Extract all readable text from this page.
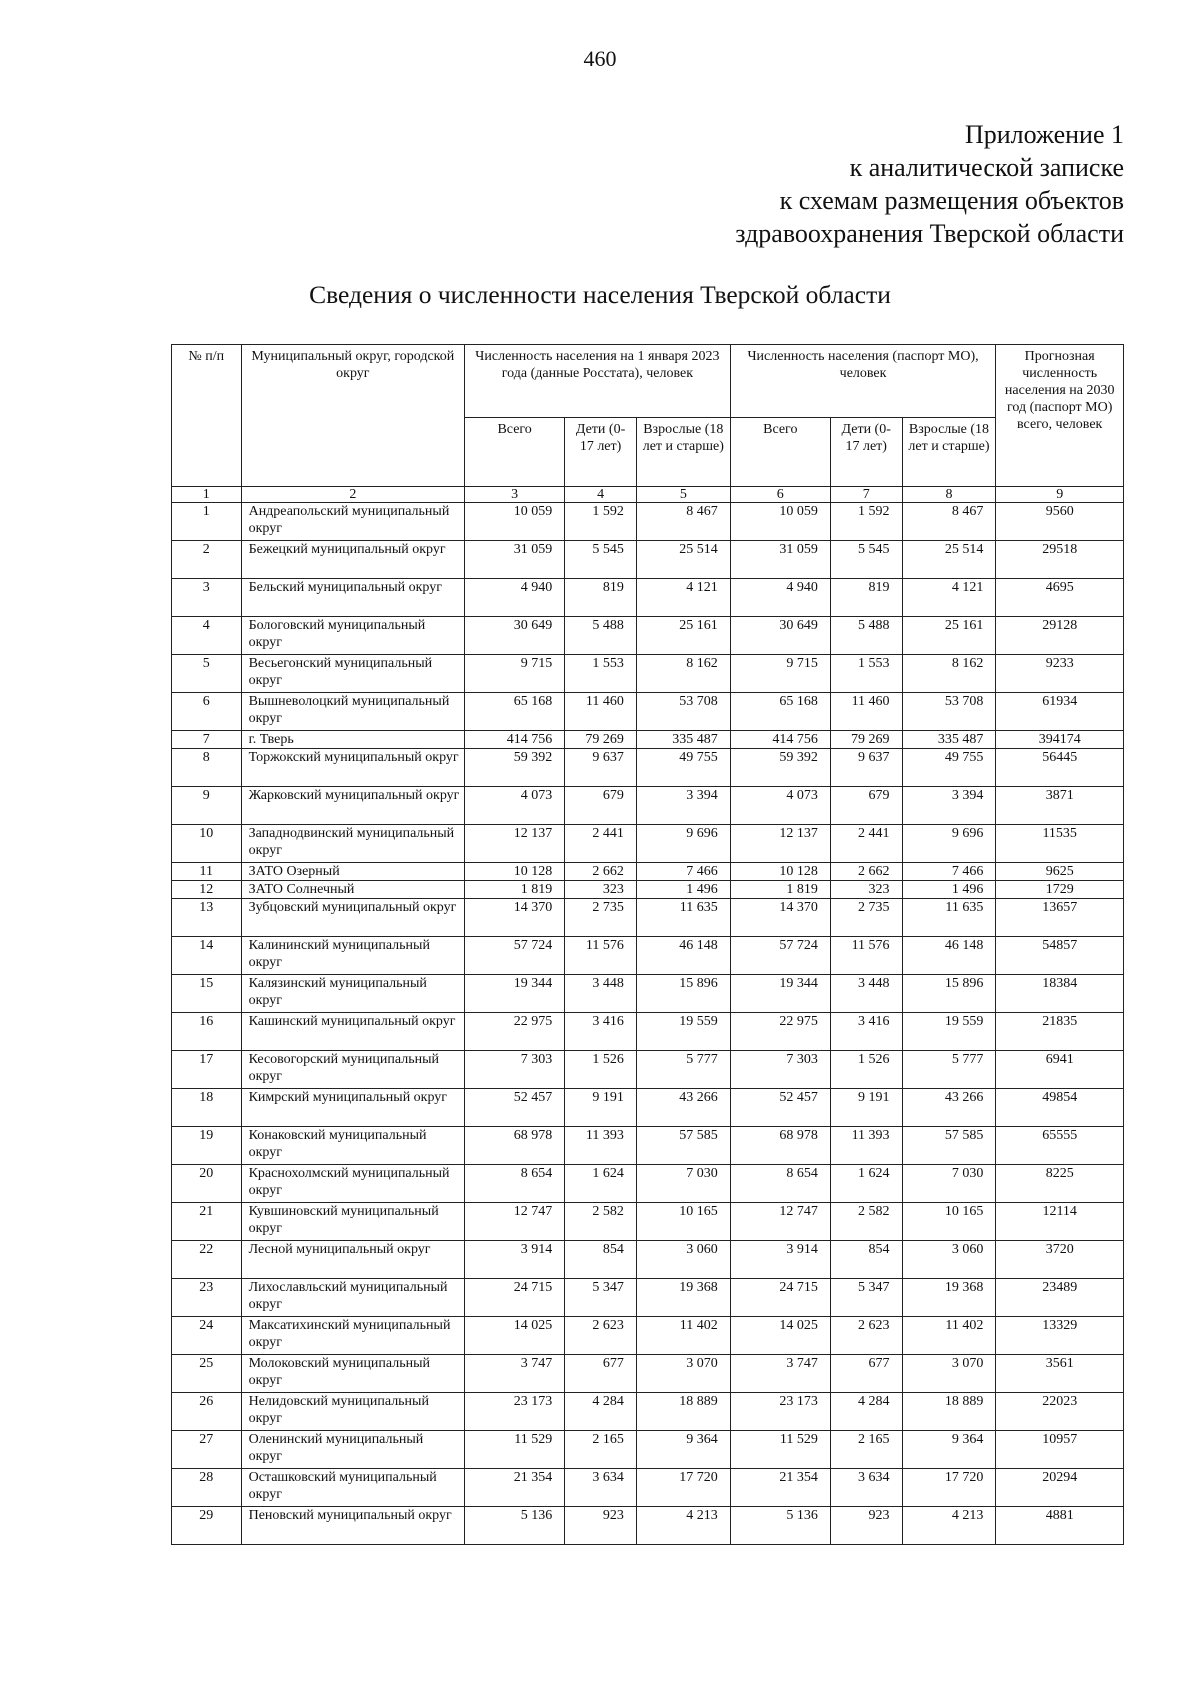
460
Приложение 1
к аналитической записке
к схемам размещения объектов
здравоохранения Тверской области
Сведения о численности населения Тверской области
№ п/п	Муниципальный округ, городской округ	Численность населения на 1 января 2023 года (данные Росстата), человек			Численность населения (паспорт МО), человек			Прогнозная численность населения на 2030 год (паспорт МО) всего, человек
		Всего	Дети (0-17 лет)	Взрослые (18 лет и старше)	Всего	Дети (0-17 лет)	Взрослые (18 лет и старше)	
1	2	3	4	5	6	7	8	9
1	Андреапольский муниципальный округ	10 059	1 592	8 467	10 059	1 592	8 467	9560
2	Бежецкий муниципальный округ	31 059	5 545	25 514	31 059	5 545	25 514	29518
3	Бельский муниципальный округ	4 940	819	4 121	4 940	819	4 121	4695
4	Бологовский муниципальный округ	30 649	5 488	25 161	30 649	5 488	25 161	29128
5	Весьегонский муниципальный округ	9 715	1 553	8 162	9 715	1 553	8 162	9233
6	Вышневолоцкий муниципальный округ	65 168	11 460	53 708	65 168	11 460	53 708	61934
7	г. Тверь	414 756	79 269	335 487	414 756	79 269	335 487	394174
8	Торжокский муниципальный округ	59 392	9 637	49 755	59 392	9 637	49 755	56445
9	Жарковский муниципальный округ	4 073	679	3 394	4 073	679	3 394	3871
10	Западнодвинский муниципальный округ	12 137	2 441	9 696	12 137	2 441	9 696	11535
11	ЗАТО Озерный	10 128	2 662	7 466	10 128	2 662	7 466	9625
12	ЗАТО Солнечный	1 819	323	1 496	1 819	323	1 496	1729
13	Зубцовский муниципальный округ	14 370	2 735	11 635	14 370	2 735	11 635	13657
14	Калининский муниципальный округ	57 724	11 576	46 148	57 724	11 576	46 148	54857
15	Калязинский муниципальный округ	19 344	3 448	15 896	19 344	3 448	15 896	18384
16	Кашинский муниципальный округ	22 975	3 416	19 559	22 975	3 416	19 559	21835
17	Кесовогорский муниципальный округ	7 303	1 526	5 777	7 303	1 526	5 777	6941
18	Кимрский муниципальный округ	52 457	9 191	43 266	52 457	9 191	43 266	49854
19	Конаковский муниципальный округ	68 978	11 393	57 585	68 978	11 393	57 585	65555
20	Краснохолмский муниципальный округ	8 654	1 624	7 030	8 654	1 624	7 030	8225
21	Кувшиновский муниципальный округ	12 747	2 582	10 165	12 747	2 582	10 165	12114
22	Лесной муниципальный округ	3 914	854	3 060	3 914	854	3 060	3720
23	Лихославльский муниципальный округ	24 715	5 347	19 368	24 715	5 347	19 368	23489
24	Максатихинский муниципальный округ	14 025	2 623	11 402	14 025	2 623	11 402	13329
25	Молоковский муниципальный округ	3 747	677	3 070	3 747	677	3 070	3561
26	Нелидовский муниципальный округ	23 173	4 284	18 889	23 173	4 284	18 889	22023
27	Оленинский муниципальный округ	11 529	2 165	9 364	11 529	2 165	9 364	10957
28	Осташковский муниципальный округ	21 354	3 634	17 720	21 354	3 634	17 720	20294
29	Пеновский муниципальный округ	5 136	923	4 213	5 136	923	4 213	4881
